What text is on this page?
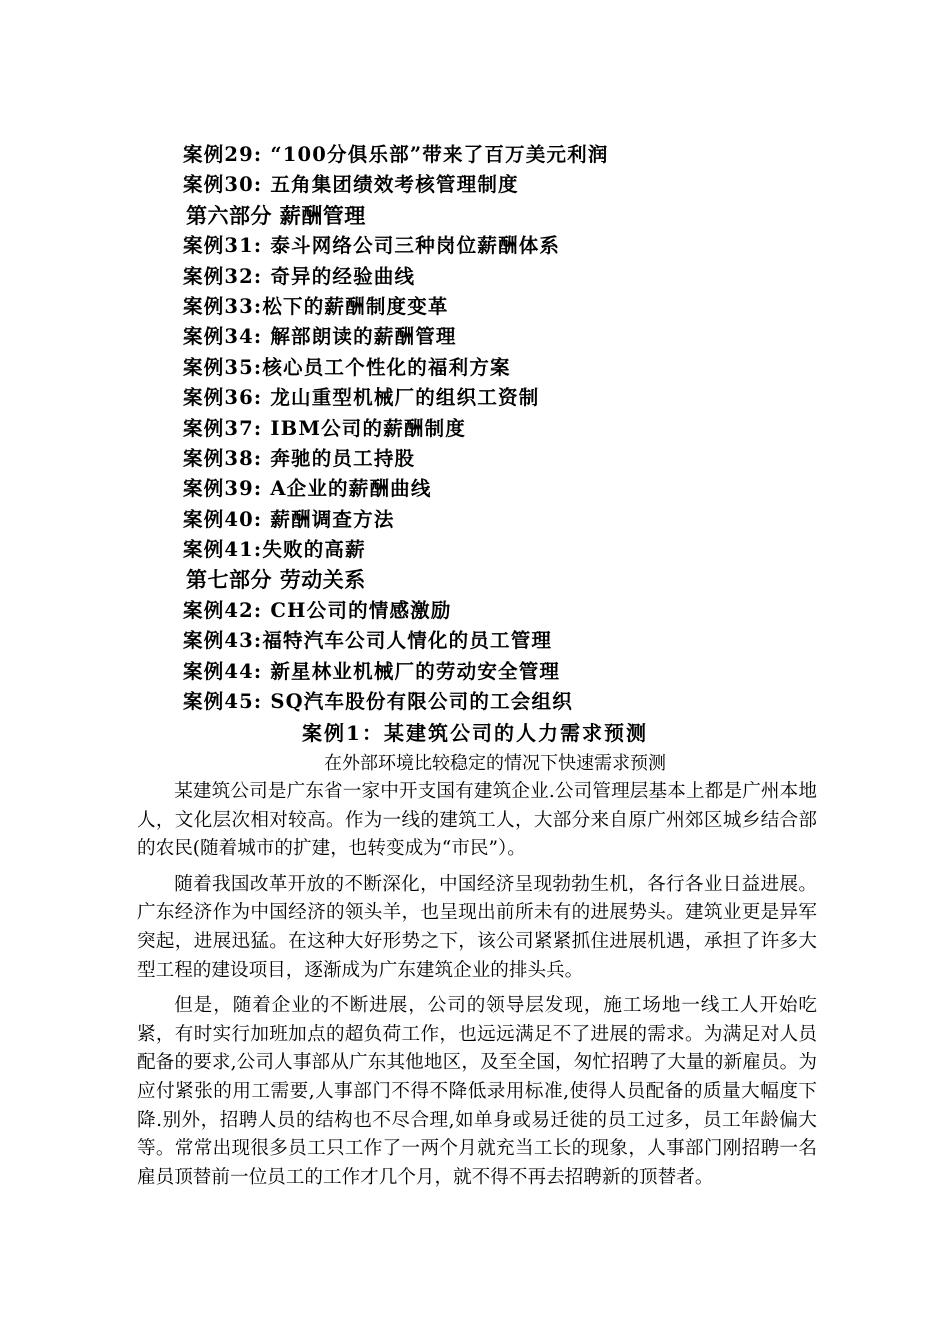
案例29: “100分俱乐部”带来了百万美元利润
案例30: 五角集团绩效考核管理制度
第六部分 薪酬管理
案例31: 泰斗网络公司三种岗位薪酬体系
案例32: 奇异的经验曲线
案例33:松下的薪酬制度变革
案例34: 解部朗读的薪酬管理
案例35:核心员工个性化的福利方案
案例36: 龙山重型机械厂的组织工资制
案例37: IBM公司的薪酬制度
案例38: 奔驰的员工持股
案例39: A企业的薪酬曲线
案例40: 薪酬调查方法
案例41:失败的高薪
第七部分 劳动关系
案例42: CH公司的情感激励
案例43:福特汽车公司人情化的员工管理
案例44: 新星林业机械厂的劳动安全管理
案例45: SQ汽车股份有限公司的工会组织
案例1：某建筑公司的人力需求预测
在外部环境比较稳定的情况下快速需求预测

某建筑公司是广东省一家中开支国有建筑企业.公司管理层基本上都是广州本地人，文化层次相对较高。作为一线的建筑工人，大部分来自原广州郊区城乡结合部的农民(随着城市的扩建，也转变成为“市民”）。

随着我国改革开放的不断深化，中国经济呈现勃勃生机，各行各业日益进展。广东经济作为中国经济的领头羊，也呈现出前所未有的进展势头。建筑业更是异军突起，进展迅猛。在这种大好形势之下，该公司紧紧抓住进展机遇，承担了许多大型工程的建设项目，逐渐成为广东建筑企业的排头兵。

但是，随着企业的不断进展，公司的领导层发现，施工场地一线工人开始吃紧，有时实行加班加点的超负荷工作，也远远满足不了进展的需求。为满足对人员配备的要求,公司人事部从广东其他地区，及至全国，匆忙招聘了大量的新雇员。为应付紧张的用工需要,人事部门不得不降低录用标准,使得人员配备的质量大幅度下降.别外，招聘人员的结构也不尽合理,如单身或易迁徙的员工过多，员工年龄偏大等。常常出现很多员工只工作了一两个月就充当工长的现象，人事部门刚招聘一名雇员顶替前一位员工的工作才几个月，就不得不再去招聘新的顶替者。
